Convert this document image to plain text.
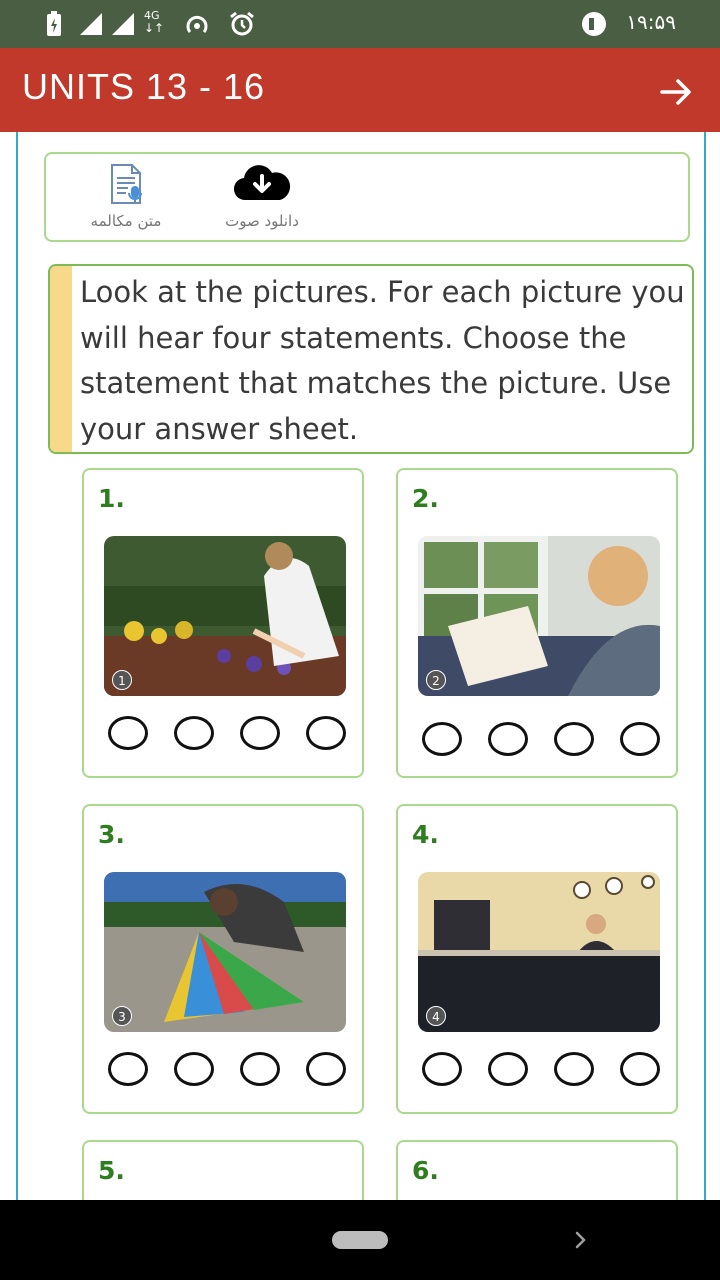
4G
↓↑	۱۹:۵۹
UNITS 13 - 16
متن مکالمه	دانلود صوت

Look at the pictures. For each picture you will hear four statements. Choose the statement that matches the picture. Use your answer sheet.

1.
1
2.
2
3.
3
4.
4
5.	6.
